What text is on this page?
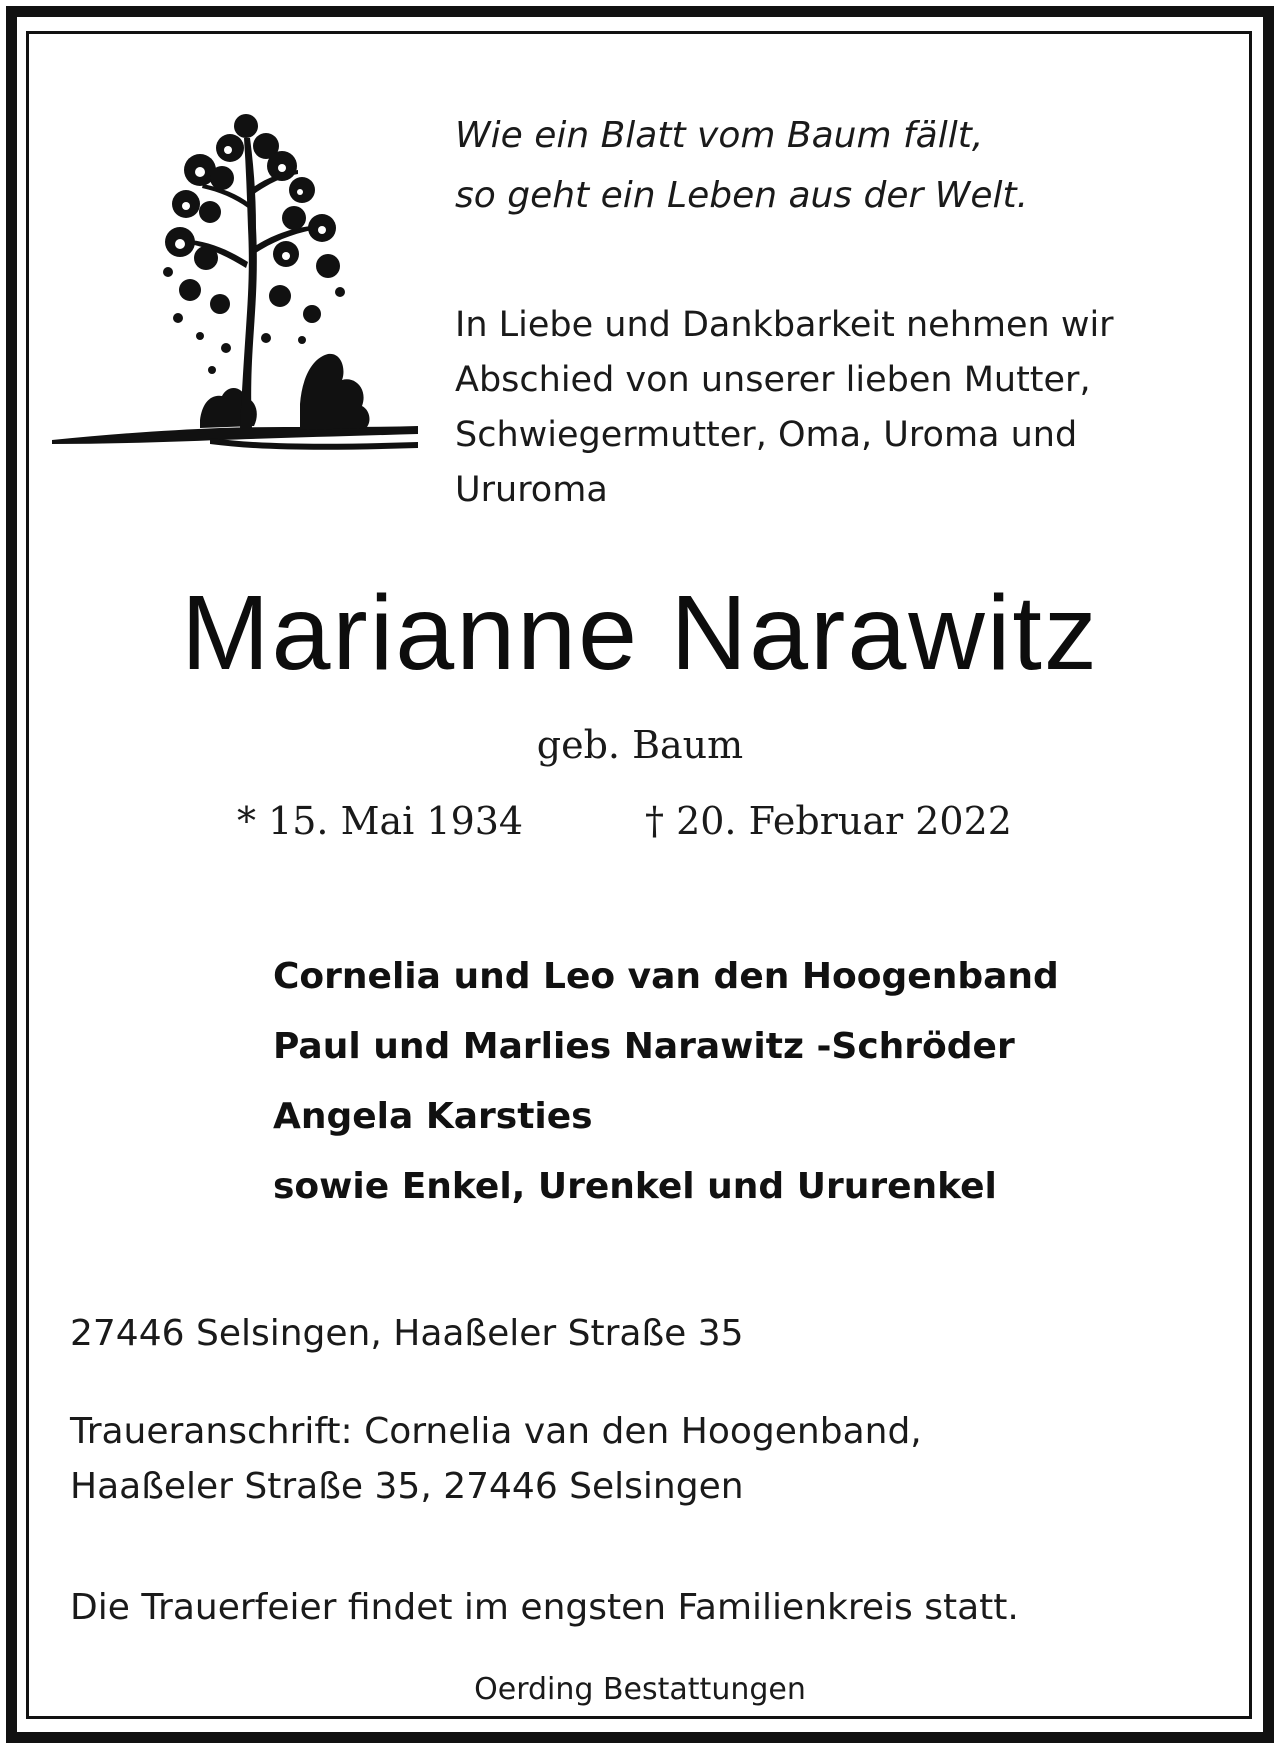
Wie ein Blatt vom Baum fällt,
so geht ein Leben aus der Welt.

In Liebe und Dankbarkeit nehmen wir
Abschied von unserer lieben Mutter,
Schwiegermutter, Oma, Uroma und
Ururoma

Marianne Narawitz
geb. Baum
* 15. Mai 1934	† 20. Februar 2022
Cornelia und Leo van den Hoogenband
Paul und Marlies Narawitz -Schröder
Angela Karsties
sowie Enkel, Urenkel und Ururenkel
27446 Selsingen, Haaßeler Straße 35
Traueranschrift: Cornelia van den Hoogenband,
Haaßeler Straße 35, 27446 Selsingen
Die Trauerfeier findet im engsten Familienkreis statt.
Oerding Bestattungen
